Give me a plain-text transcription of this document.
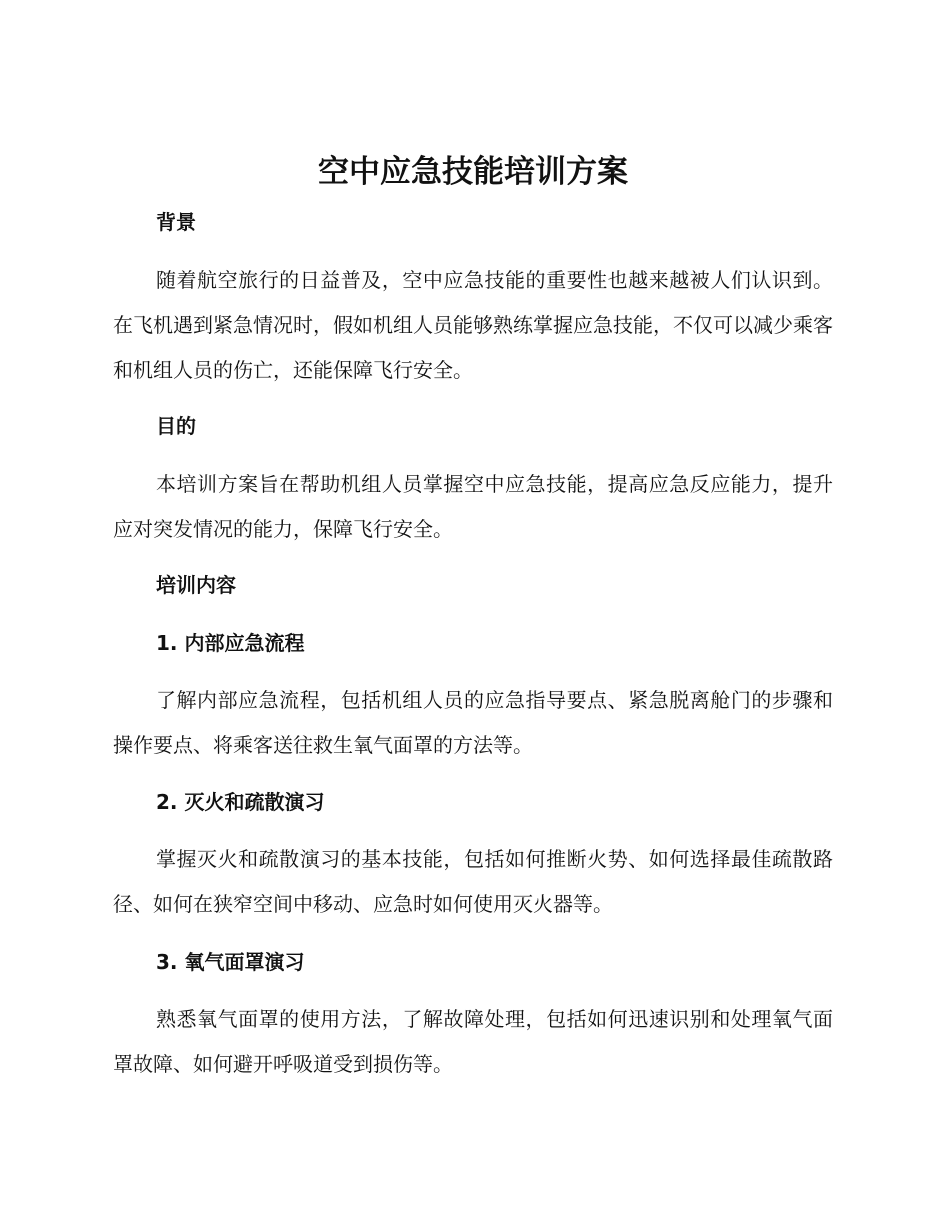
空中应急技能培训方案
背景

随着航空旅行的日益普及，空中应急技能的重要性也越来越被人们认识到。在飞机遇到紧急情况时，假如机组人员能够熟练掌握应急技能，不仅可以减少乘客和机组人员的伤亡，还能保障飞行安全。

目的

本培训方案旨在帮助机组人员掌握空中应急技能，提高应急反应能力，提升应对突发情况的能力，保障飞行安全。

培训内容
1. 内部应急流程

了解内部应急流程，包括机组人员的应急指导要点、紧急脱离舱门的步骤和操作要点、将乘客送往救生氧气面罩的方法等。

2. 灭火和疏散演习

掌握灭火和疏散演习的基本技能，包括如何推断火势、如何选择最佳疏散路径、如何在狭窄空间中移动、应急时如何使用灭火器等。

3. 氧气面罩演习

熟悉氧气面罩的使用方法，了解故障处理，包括如何迅速识别和处理氧气面罩故障、如何避开呼吸道受到损伤等。
